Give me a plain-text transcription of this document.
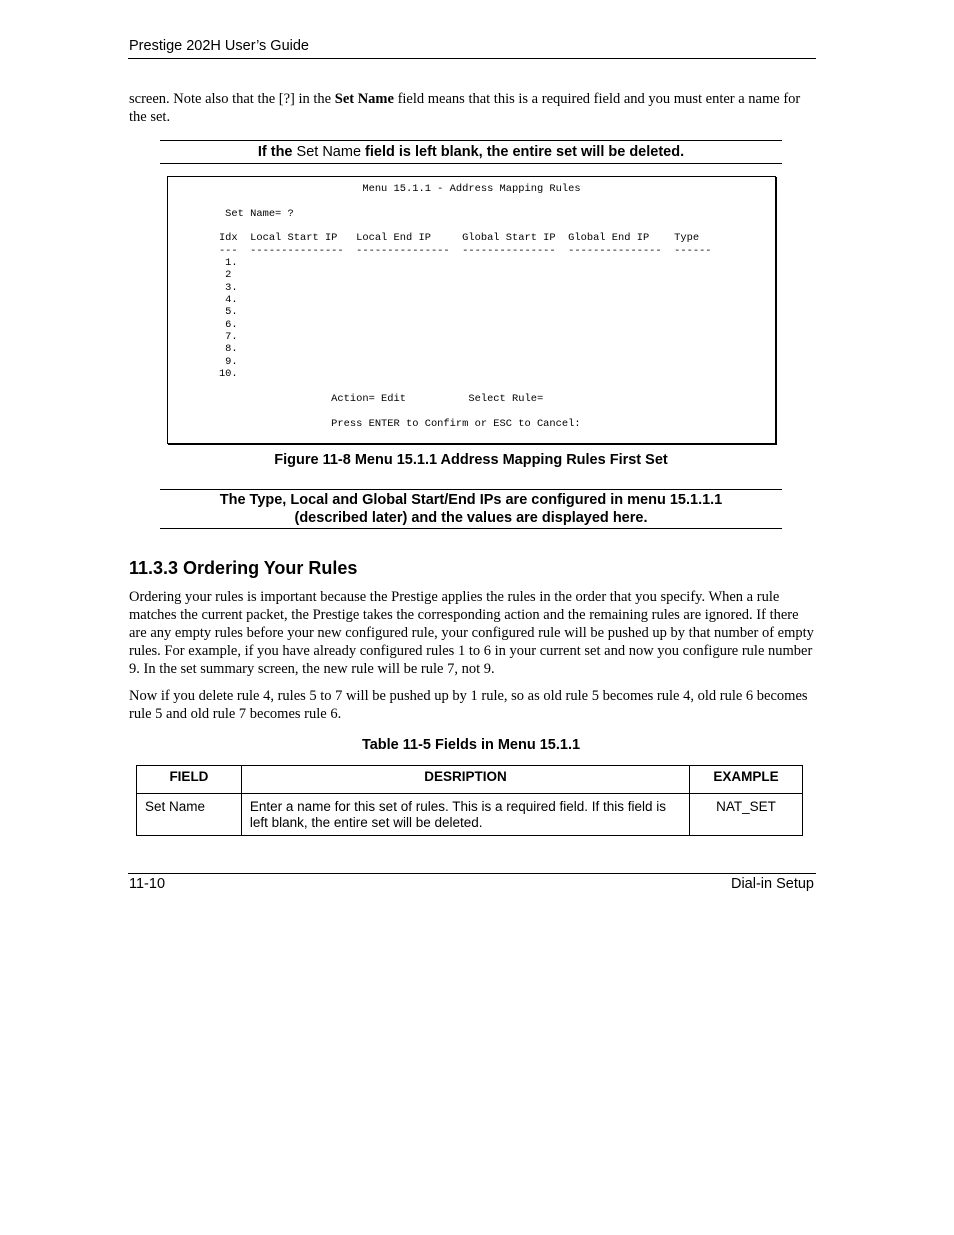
Prestige 202H User’s Guide
screen. Note also that the [?] in the Set Name field means that this is a required field and you must enter a name for the set.
If the Set Name field is left blank, the entire set will be deleted.
Menu 15.1.1 - Address Mapping Rules

Set Name= ?

Idx  Local Start IP   Local End IP     Global Start IP  Global End IP    Type
---  ---------------  ---------------  ---------------  ---------------  ------
1.
2
3.
4.
5.
6.
7.
8.
9.
10.

Action= Edit          Select Rule=

Press ENTER to Confirm or ESC to Cancel:
Figure 11-8 Menu 15.1.1 Address Mapping Rules First Set
The Type, Local and Global Start/End IPs are configured in menu 15.1.1.1
(described later) and the values are displayed here.
11.3.3 Ordering Your Rules
Ordering your rules is important because the Prestige applies the rules in the order that you specify. When a rule matches the current packet, the Prestige takes the corresponding action and the remaining rules are ignored. If there are any empty rules before your new configured rule, your configured rule will be pushed up by that number of empty rules. For example, if you have already configured rules 1 to 6 in your current set and now you configure rule number 9. In the set summary screen, the new rule will be rule 7, not 9.
Now if you delete rule 4, rules 5 to 7 will be pushed up by 1 rule, so as old rule 5 becomes rule 4, old rule 6 becomes rule 5 and old rule 7 becomes rule 6.
Table 11-5 Fields in Menu 15.1.1
FIELD	DESRIPTION	EXAMPLE
Set Name	Enter a name for this set of rules. This is a required field. If this field is left blank, the entire set will be deleted.	NAT_SET
11-10	Dial-in Setup
